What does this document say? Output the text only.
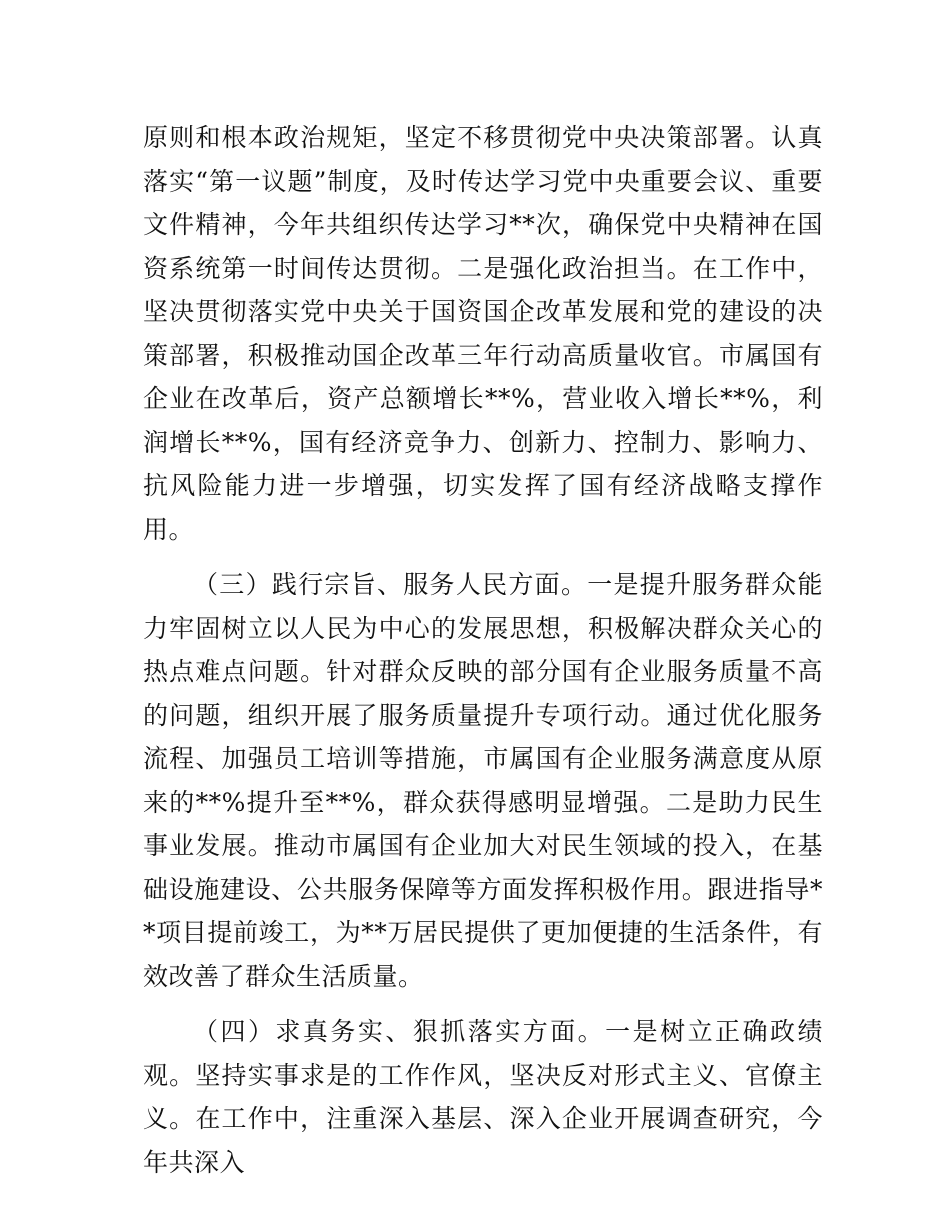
原则和根本政治规矩，坚定不移贯彻党中央决策部署。认真落实“第一议题”制度，及时传达学习党中央重要会议、重要文件精神，今年共组织传达学习**次，确保党中央精神在国资系统第一时间传达贯彻。二是强化政治担当。在工作中，坚决贯彻落实党中央关于国资国企改革发展和党的建设的决策部署，积极推动国企改革三年行动高质量收官。市属国有企业在改革后，资产总额增长**%，营业收入增长**%，利润增长**%，国有经济竞争力、创新力、控制力、影响力、抗风险能力进一步增强，切实发挥了国有经济战略支撑作用。

（三）践行宗旨、服务人民方面。一是提升服务群众能力牢固树立以人民为中心的发展思想，积极解决群众关心的热点难点问题。针对群众反映的部分国有企业服务质量不高的问题，组织开展了服务质量提升专项行动。通过优化服务流程、加强员工培训等措施，市属国有企业服务满意度从原来的**%提升至**%，群众获得感明显增强。二是助力民生事业发展。推动市属国有企业加大对民生领域的投入，在基础设施建设、公共服务保障等方面发挥积极作用。跟进指导**项目提前竣工，为**万居民提供了更加便捷的生活条件，有效改善了群众生活质量。

（四）求真务实、狠抓落实方面。一是树立正确政绩观。坚持实事求是的工作作风，坚决反对形式主义、官僚主义。在工作中，注重深入基层、深入企业开展调查研究，今年共深入
